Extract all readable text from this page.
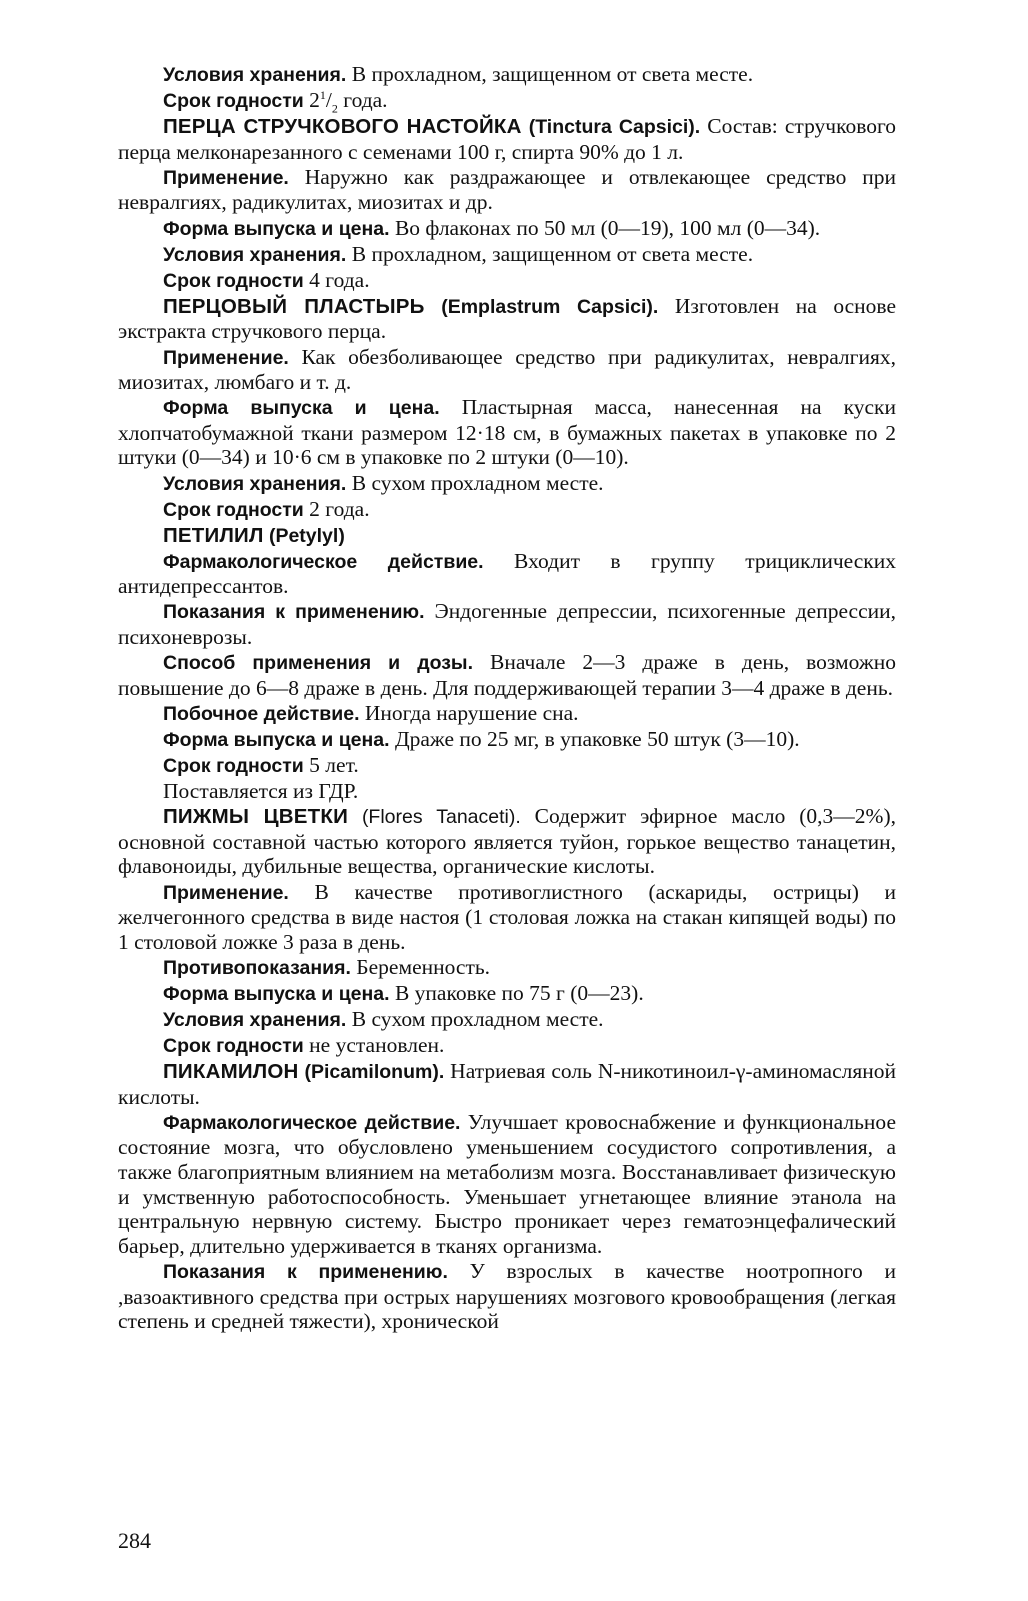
Условия хранения. В прохладном, защищенном от света месте.

Срок годности $2^1/_2$ года.

ПЕРЦА СТРУЧКОВОГО НАСТОЙКА (Tinctura Capsici). Состав: стручкового перца мелконарезанного с семенами 100 г, спирта 90% до 1 л.

Применение. Наружно как раздражающее и отвлекающее средство при невралгиях, радикулитах, миозитах и др.

Форма выпуска и цена. Во флаконах по 50 мл (0—19), 100 мл (0—34).

Условия хранения. В прохладном, защищенном от света месте.

Срок годности 4 года.

ПЕРЦОВЫЙ ПЛАСТЫРЬ (Emplastrum Capsici). Изготовлен на основе экстракта стручкового перца.

Применение. Как обезболивающее средство при радикулитах, невралгиях, миозитах, люмбаго и т. д.

Форма выпуска и цена. Пластырная масса, нанесенная на куски хлопчатобумажной ткани размером 12·18 см, в бумажных пакетах в упаковке по 2 штуки (0—34) и 10·6 см в упаковке по 2 штуки (0—10).

Условия хранения. В сухом прохладном месте.

Срок годности 2 года.

ПЕТИЛИЛ (Petylyl)

Фармакологическое действие. Входит в группу трициклических антидепрессантов.

Показания к применению. Эндогенные депрессии, психогенные депрессии, психоневрозы.

Способ применения и дозы. Вначале 2—3 драже в день, возможно повышение до 6—8 драже в день. Для поддерживающей терапии 3—4 драже в день.

Побочное действие. Иногда нарушение сна.

Форма выпуска и цена. Драже по 25 мг, в упаковке 50 штук (3—10).

Срок годности 5 лет.

Поставляется из ГДР.

ПИЖМЫ ЦВЕТКИ (Flores Tanaceti). Содержит эфирное масло (0,3—2%), основной составной частью которого является туйон, горькое вещество танацетин, флавоноиды, дубильные вещества, органические кислоты.

Применение. В качестве противоглистного (аскариды, острицы) и желчегонного средства в виде настоя (1 столовая ложка на стакан кипящей воды) по 1 столовой ложке 3 раза в день.

Противопоказания. Беременность.

Форма выпуска и цена. В упаковке по 75 г (0—23).

Условия хранения. В сухом прохладном месте.

Срок годности не установлен.

ПИКАМИЛОН (Picamilonum). Натриевая соль N-никотиноил-γ-аминомасляной кислоты.

Фармакологическое действие. Улучшает кровоснабжение и функциональное состояние мозга, что обусловлено уменьшением сосудистого сопротивления, а также благоприятным влиянием на метаболизм мозга. Восстанавливает физическую и умственную работоспособность. Уменьшает угнетающее влияние этанола на центральную нервную систему. Быстро проникает через гематоэнцефалический барьер, длительно удерживается в тканях организма.

Показания к применению. У взрослых в качестве ноотропного и ,вазоактивного средства при острых нарушениях мозгового кровообращения (легкая степень и средней тяжести), хронической

284
